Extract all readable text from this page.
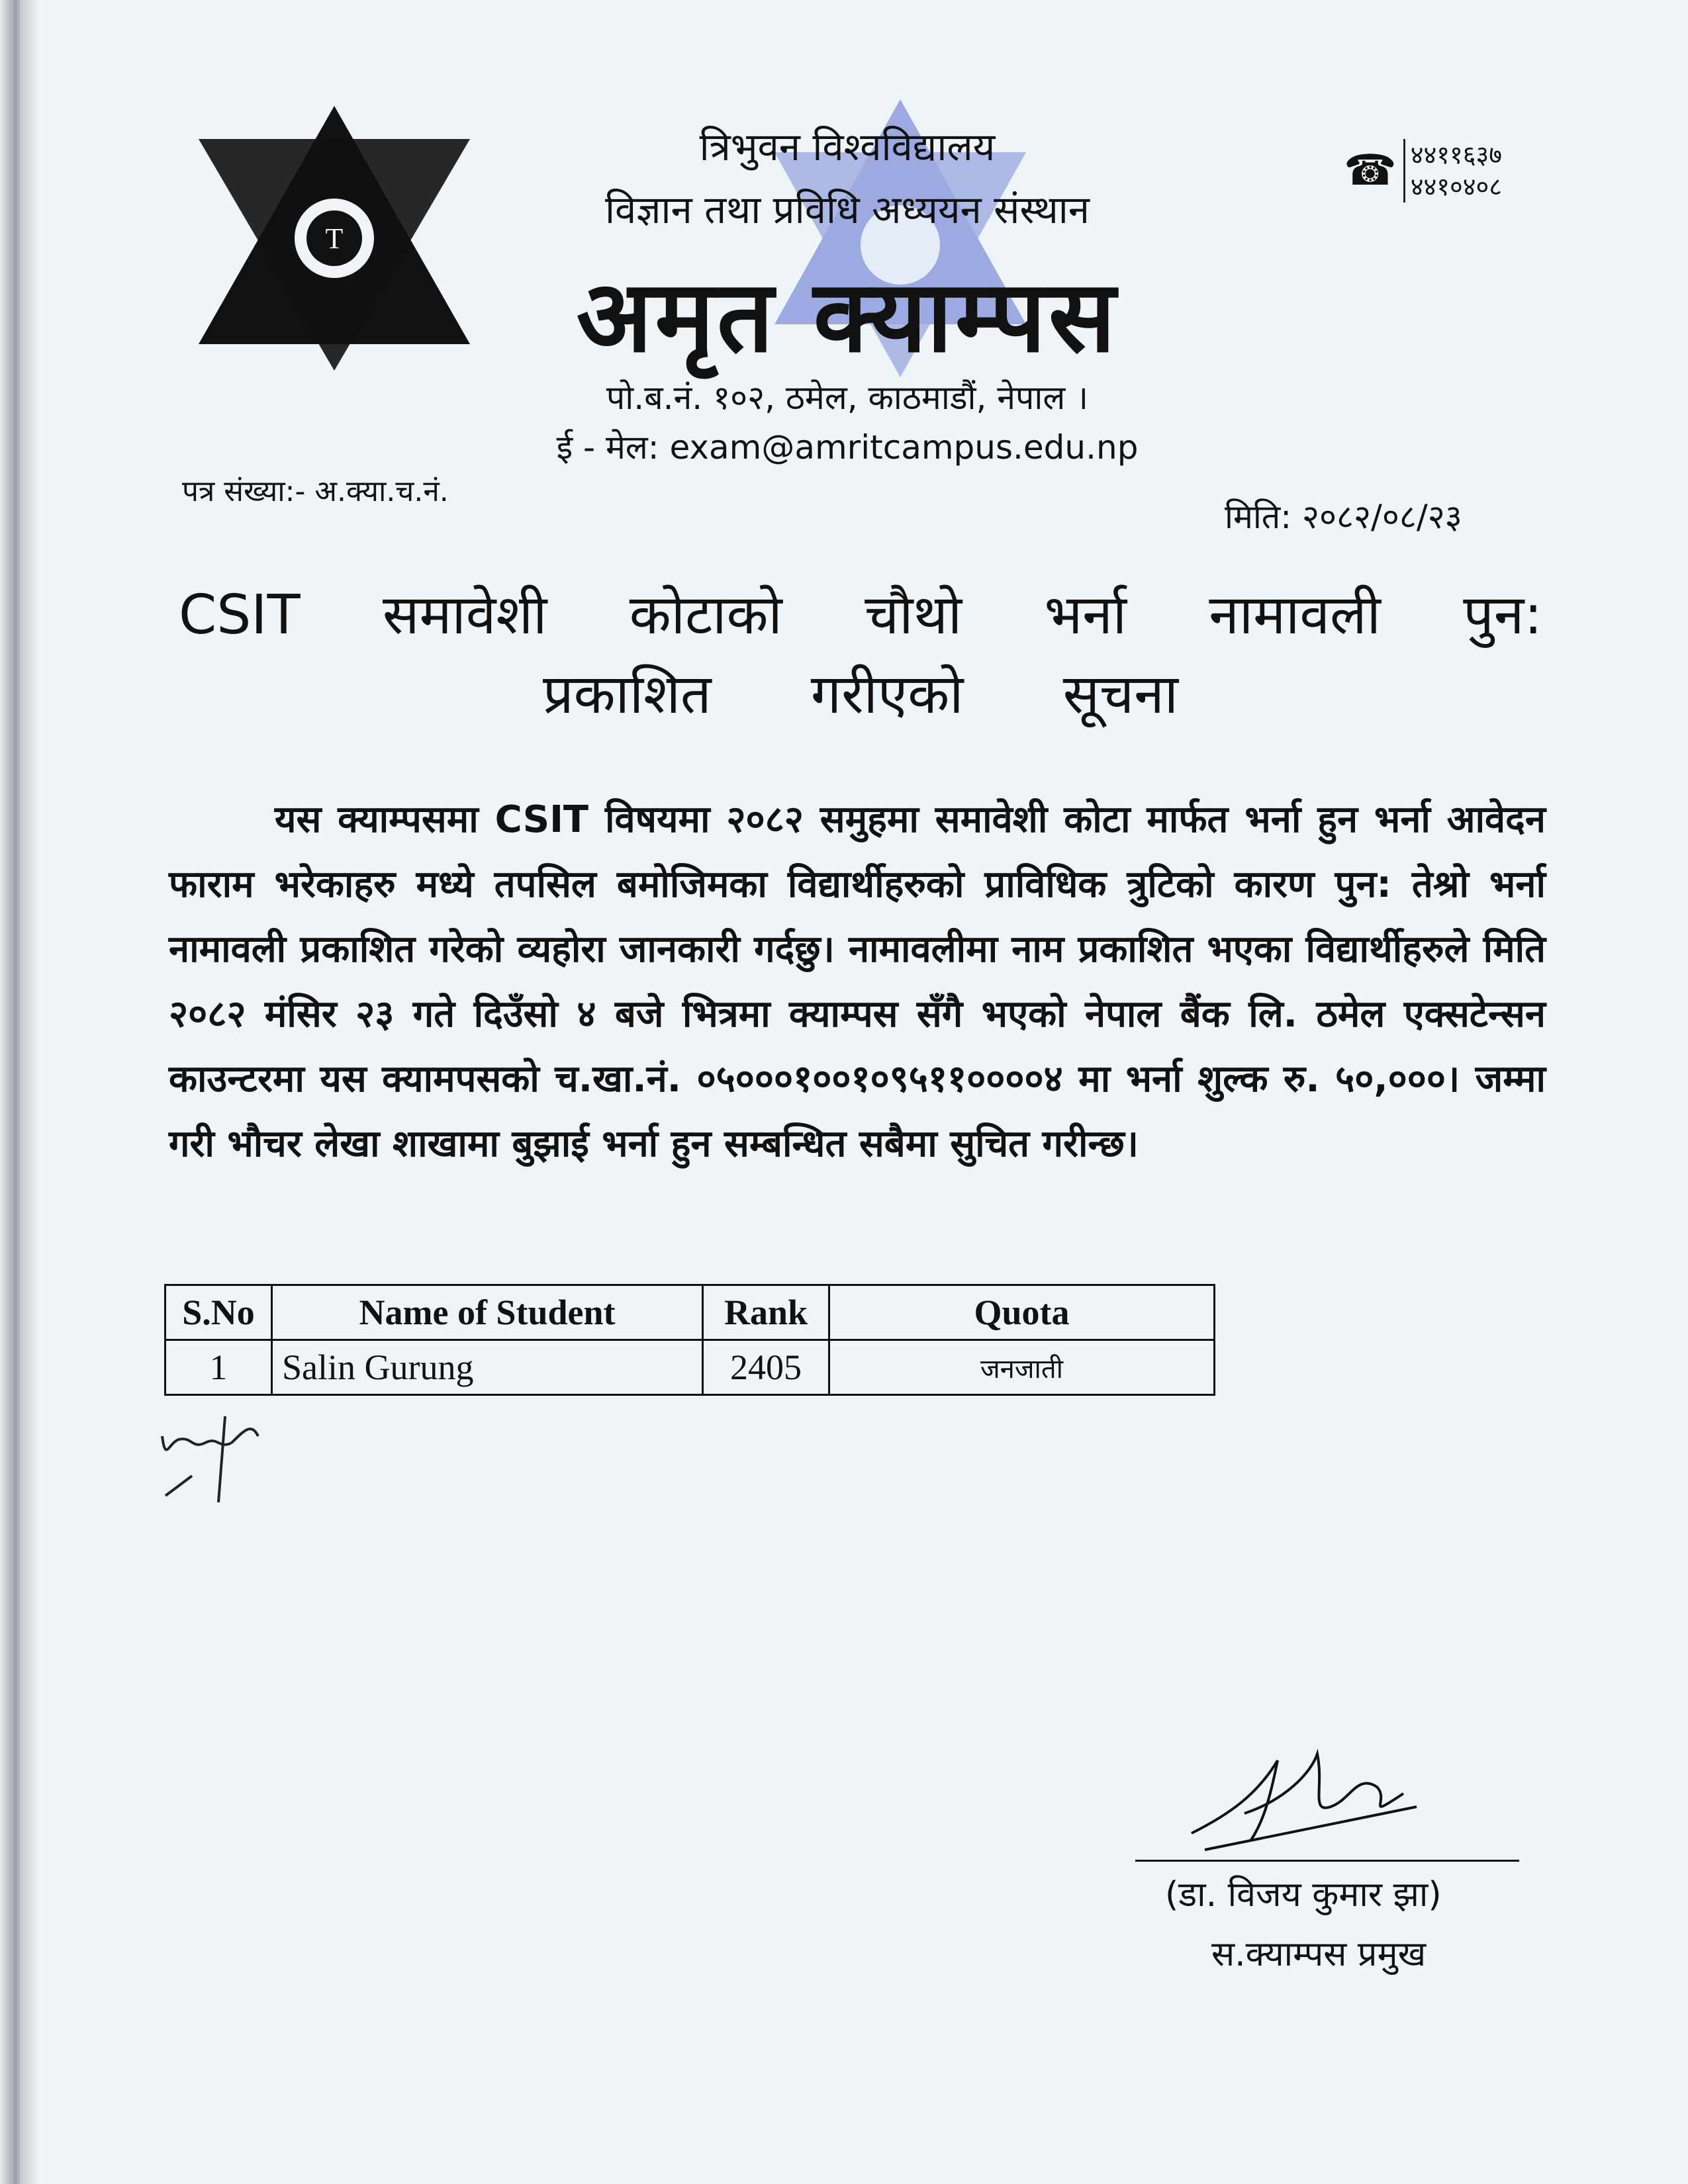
T
त्रिभुवन विश्वविद्यालय
विज्ञान तथा प्रविधि अध्ययन संस्थान
अमृत क्याम्पस
पो.ब.नं. १०२, ठमेल, काठमाडौं, नेपाल ।
ई - मेल: exam@amritcampus.edu.np
☎ ४४११६३७
४४१०४०८
पत्र संख्या:- अ.क्या.च.नं.
मिति: २०८२/०८/२३
CSIT समावेशी कोटाको चौथो भर्ना नामावली पुन:
प्रकाशित गरीएको सूचना
यस क्याम्पसमा CSIT विषयमा २०८२ समुहमा समावेशी कोटा मार्फत भर्ना हुन भर्ना आवेदन फाराम भरेकाहरु मध्ये तपसिल बमोजिमका विद्यार्थीहरुको प्राविधिक त्रुटिको कारण पुन: तेश्रो भर्ना नामावली प्रकाशित गरेको व्यहोरा जानकारी गर्दछु। नामावलीमा नाम प्रकाशित भएका विद्यार्थीहरुले मिति २०८२ मंसिर २३ गते दिउँसो ४ बजे भित्रमा क्याम्पस सँगै भएको नेपाल बैंक लि. ठमेल एक्सटेन्सन काउन्टरमा यस क्यामपसको च.खा.नं. ०५०००१००१०९५११००००४ मा भर्ना शुल्क रु. ५०,०००। जम्मा गरी भौचर लेखा शाखामा बुझाई भर्ना हुन सम्बन्धित सबैमा सुचित गरीन्छ।
S.No	Name of Student	Rank	Quota
1	Salin Gurung	2405	जनजाती
(डा. विजय कुमार झा)
स.क्याम्पस प्रमुख
